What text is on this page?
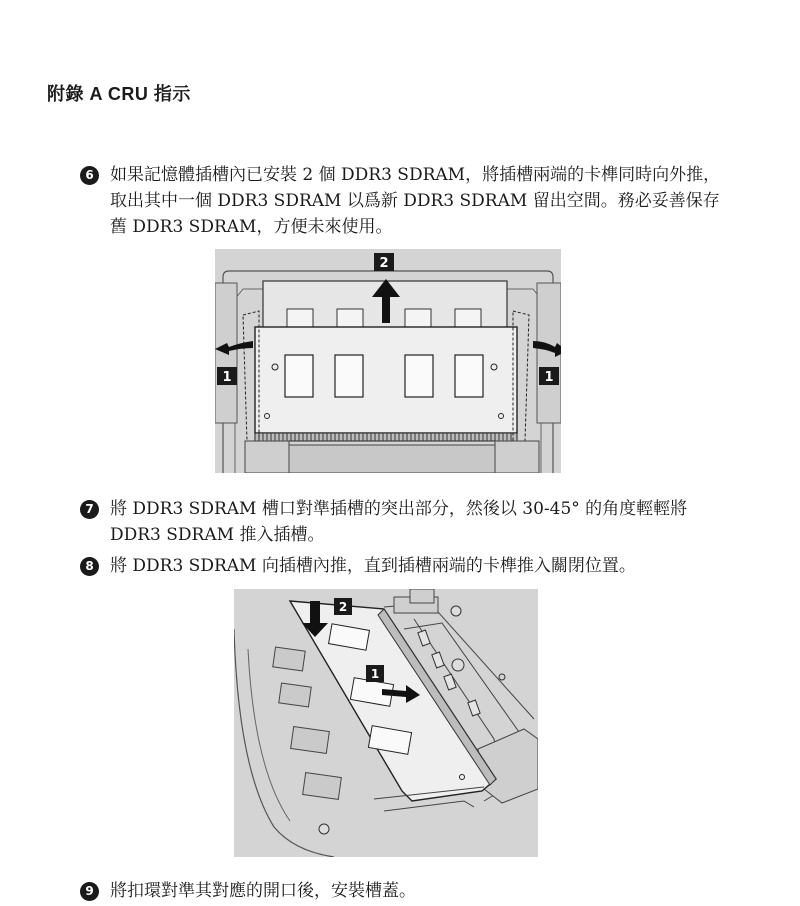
附錄 A CRU 指示
6 如果記憶體插槽內已安裝 2 個 DDR3 SDRAM，將插槽兩端的卡榫同時向外推，取出其中一個 DDR3 SDRAM 以爲新 DDR3 SDRAM 留出空間。務必妥善保存舊 DDR3 SDRAM，方便未來使用。
2
1	1
7 將 DDR3 SDRAM 槽口對準插槽的突出部分，然後以 30-45° 的角度輕輕將 DDR3 SDRAM 推入插槽。
8 將 DDR3 SDRAM 向插槽內推，直到插槽兩端的卡榫推入關閉位置。
2
1
9 將扣環對準其對應的開口後，安裝槽蓋。
